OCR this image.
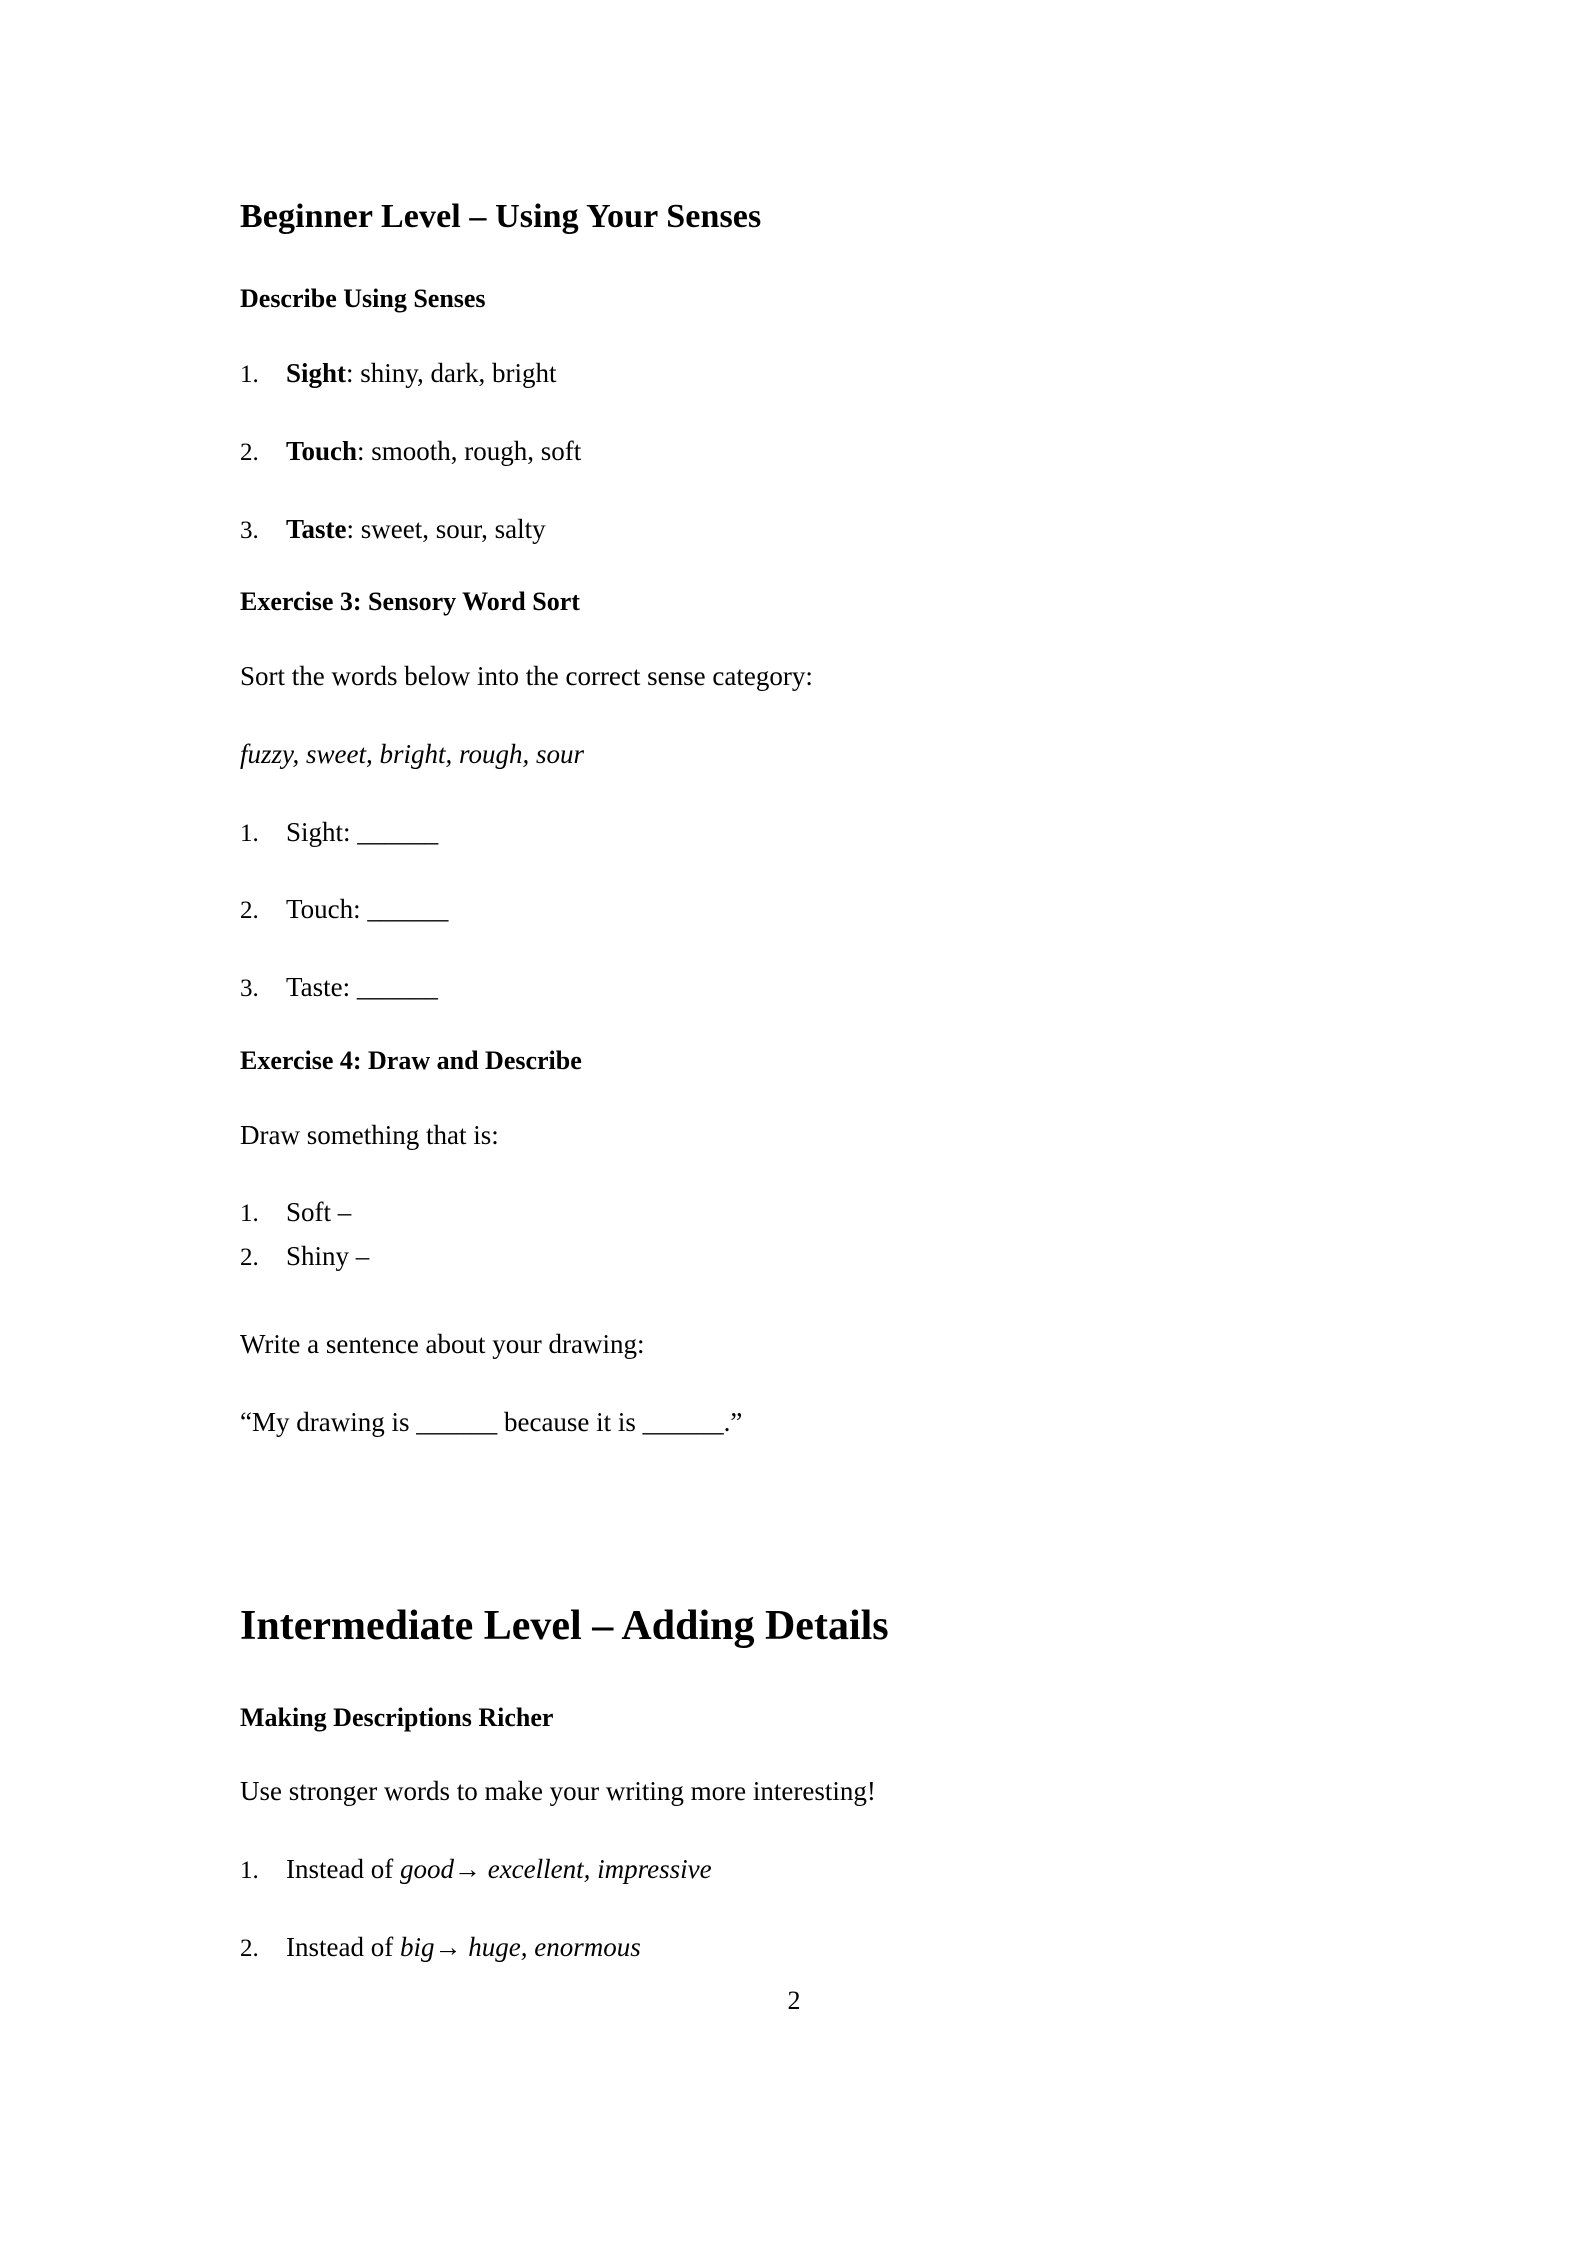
Beginner Level – Using Your Senses
Describe Using Senses
1.	Sight: shiny, dark, bright
2.	Touch: smooth, rough, soft
3.	Taste: sweet, sour, salty
Exercise 3: Sensory Word Sort

Sort the words below into the correct sense category:

fuzzy, sweet, bright, rough, sour

1.	Sight: ______
2.	Touch: ______
3.	Taste: ______
Exercise 4: Draw and Describe

Draw something that is:

1.	Soft –
2.	Shiny –

Write a sentence about your drawing:

“My drawing is ______ because it is ______.”

Intermediate Level – Adding Details
Making Descriptions Richer

Use stronger words to make your writing more interesting!

1.	Instead of good→ excellent, impressive
2.	Instead of big→ huge, enormous
2
